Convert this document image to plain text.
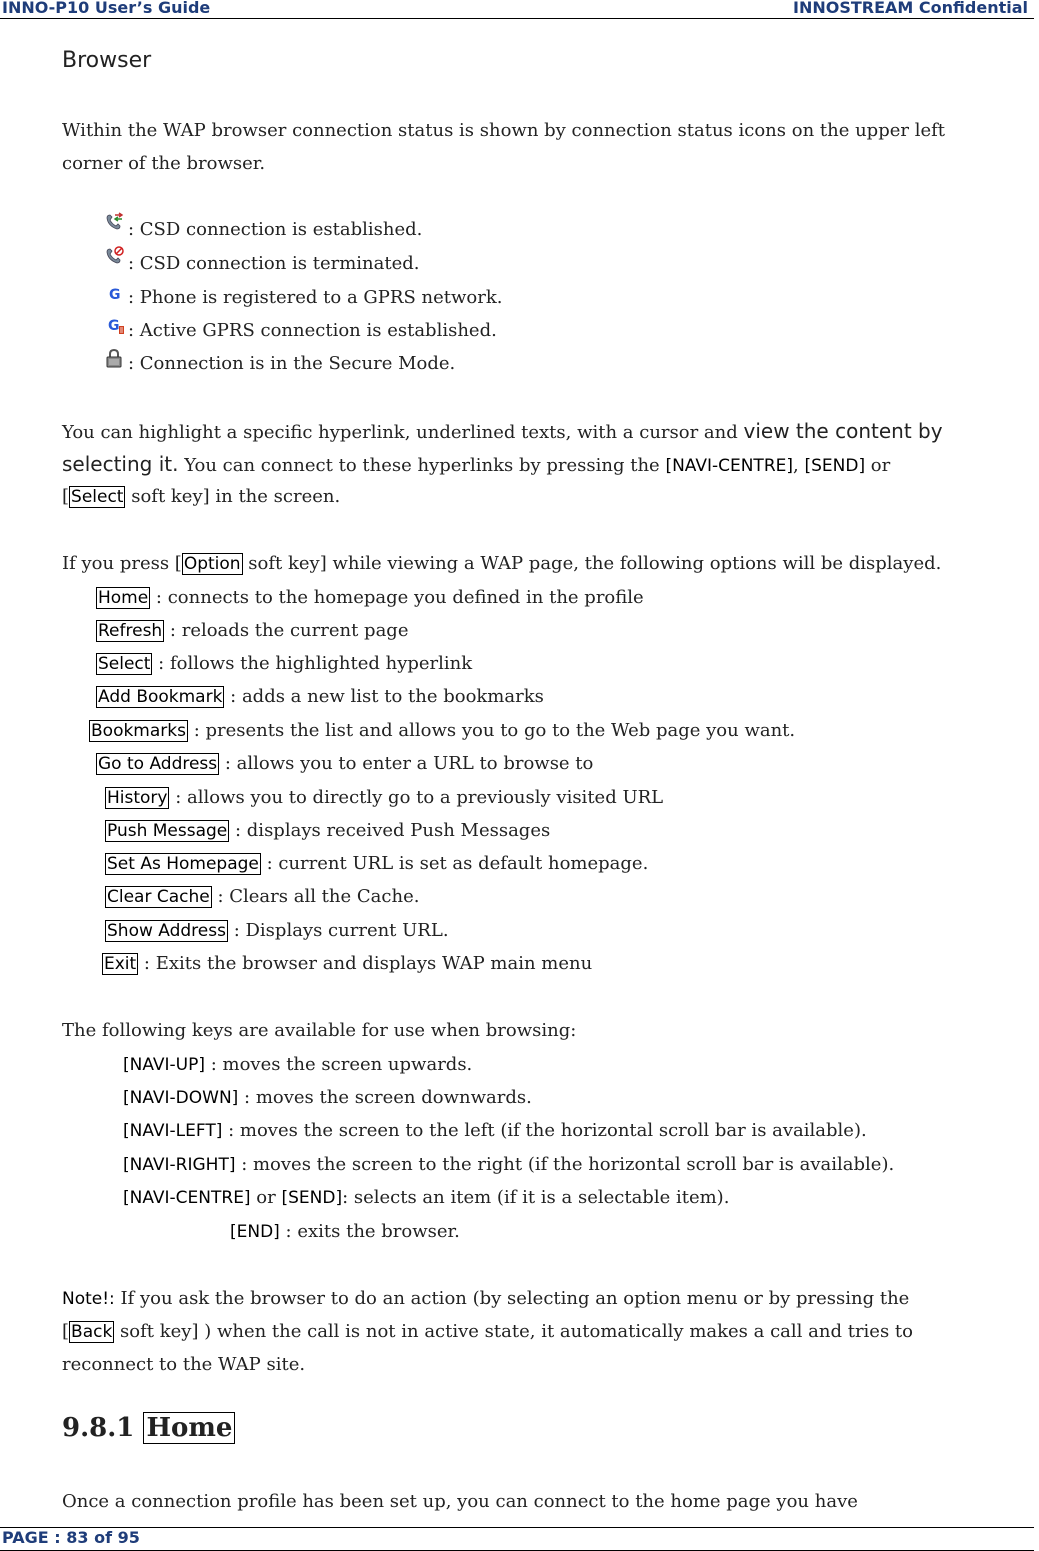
INNO-P10 User’s Guide	INNOSTREAM Confidential
Browser
Within the WAP browser connection status is shown by connection status icons on the upper left
corner of the browser.
: CSD connection is established.
: CSD connection is terminated.
G : Phone is registered to a GPRS network.
G : Active GPRS connection is established.
: Connection is in the Secure Mode.
You can highlight a specific hyperlink, underlined texts, with a cursor and view the content by
selecting it. You can connect to these hyperlinks by pressing the [NAVI-CENTRE], [SEND] or
[ Select soft key] in the screen.
If you press [ Option soft key] while viewing a WAP page, the following options will be displayed.
Home : connects to the homepage you defined in the profile
Refresh : reloads the current page
Select : follows the highlighted hyperlink
Add Bookmark : adds a new list to the bookmarks
Bookmarks : presents the list and allows you to go to the Web page you want.
Go to Address : allows you to enter a URL to browse to
History : allows you to directly go to a previously visited URL
Push Message : displays received Push Messages
Set As Homepage : current URL is set as default homepage.
Clear Cache : Clears all the Cache.
Show Address : Displays current URL.
Exit : Exits the browser and displays WAP main menu
The following keys are available for use when browsing:
[NAVI-UP] : moves the screen upwards.
[NAVI-DOWN] : moves the screen downwards.
[NAVI-LEFT] : moves the screen to the left (if the horizontal scroll bar is available).
[NAVI-RIGHT] : moves the screen to the right (if the horizontal scroll bar is available).
[NAVI-CENTRE] or [SEND]: selects an item (if it is a selectable item).
[END] : exits the browser.
Note!: If you ask the browser to do an action (by selecting an option menu or by pressing the
[ Back soft key] ) when the call is not in active state, it automatically makes a call and tries to
reconnect to the WAP site.
9.8.1 Home
Once a connection profile has been set up, you can connect to the home page you have
PAGE : 83 of 95
